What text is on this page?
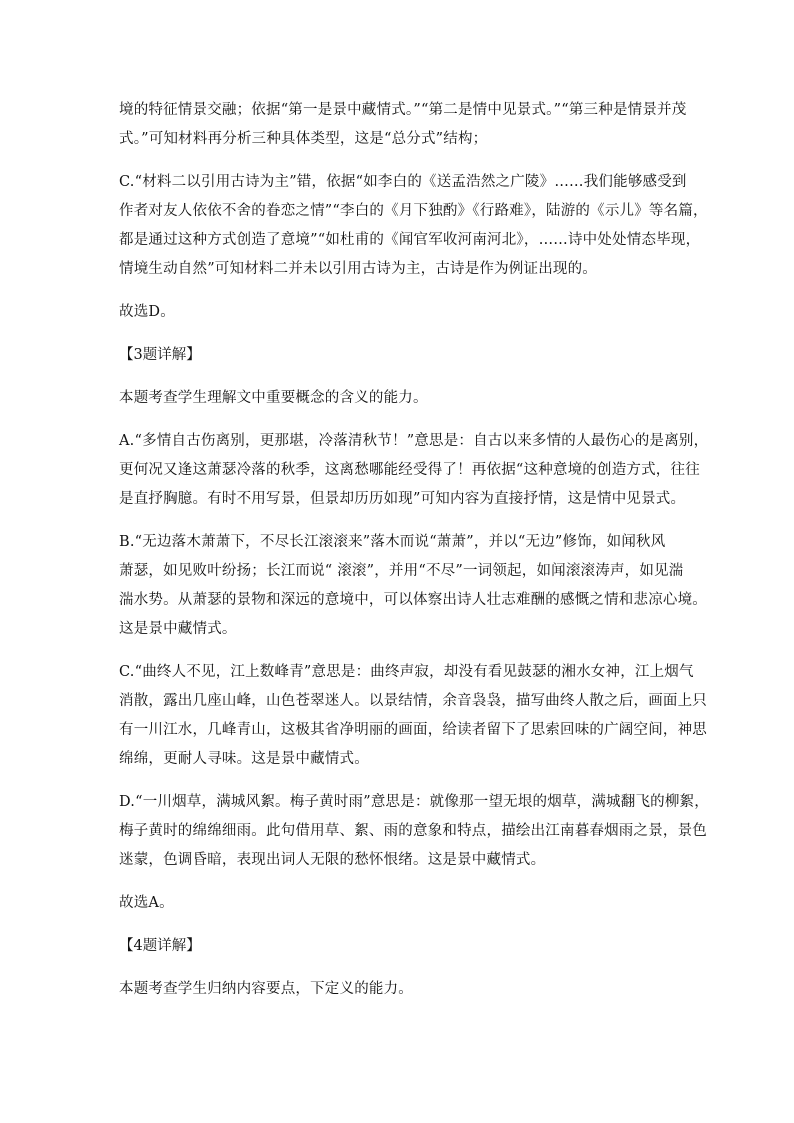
境的特征情景交融；依据“第一是景中藏情式。”“第二是情中见景式。”“第三种是情景并茂
式。”可知材料再分析三种具体类型，这是“总分式”结构；
C.“材料二以引用古诗为主”错，依据“如李白的《送孟浩然之广陵》……我们能够感受到
作者对友人依依不舍的眷恋之情”“李白的《月下独酌》《行路难》，陆游的《示儿》等名篇，
都是通过这种方式创造了意境”“如杜甫的《闻官军收河南河北》，……诗中处处情态毕现，
情境生动自然”可知材料二并未以引用古诗为主，古诗是作为例证出现的。
故选D。
【3题详解】
本题考查学生理解文中重要概念的含义的能力。
A.“多情自古伤离别，更那堪，冷落清秋节！”意思是：自古以来多情的人最伤心的是离别，
更何况又逢这萧瑟冷落的秋季，这离愁哪能经受得了！再依据“这种意境的创造方式，往往
是直抒胸臆。有时不用写景，但景却历历如现”可知内容为直接抒情，这是情中见景式。
B.“无边落木萧萧下，不尽长江滚滚来”落木而说“萧萧”，并以“无边”修饰，如闻秋风
萧瑟，如见败叶纷扬；长江而说“ 滚滚”，并用“不尽”一词领起，如闻滚滚涛声，如见湍
湍水势。从萧瑟的景物和深远的意境中，可以体察出诗人壮志难酬的感慨之情和悲凉心境。
这是景中藏情式。
C.“曲终人不见，江上数峰青”意思是：曲终声寂，却没有看见鼓瑟的湘水女神，江上烟气
消散，露出几座山峰，山色苍翠迷人。以景结情，余音袅袅，描写曲终人散之后，画面上只
有一川江水，几峰青山，这极其省净明丽的画面，给读者留下了思索回味的广阔空间，神思
绵绵，更耐人寻味。这是景中藏情式。
D.“一川烟草，满城风絮。梅子黄时雨”意思是：就像那一望无垠的烟草，满城翻飞的柳絮，
梅子黄时的绵绵细雨。此句借用草、絮、雨的意象和特点，描绘出江南暮春烟雨之景，景色
迷蒙，色调昏暗，表现出词人无限的愁怀恨绪。这是景中藏情式。
故选A。
【4题详解】
本题考查学生归纳内容要点，下定义的能力。
